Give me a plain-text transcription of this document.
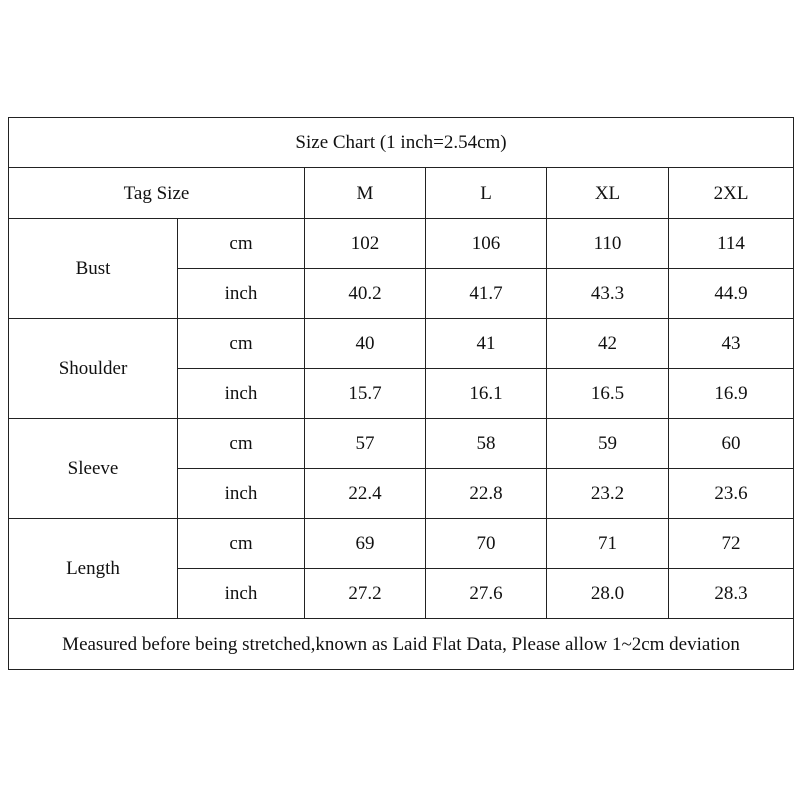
Size Chart (1 inch=2.54cm)					
Tag Size		M	L	XL	2XL
Bust	cm	102	106	110	114
	inch	40.2	41.7	43.3	44.9
Shoulder	cm	40	41	42	43
	inch	15.7	16.1	16.5	16.9
Sleeve	cm	57	58	59	60
	inch	22.4	22.8	23.2	23.6
Length	cm	69	70	71	72
	inch	27.2	27.6	28.0	28.3
Measured before being stretched,known as Laid Flat Data, Please allow 1~2cm deviation					
